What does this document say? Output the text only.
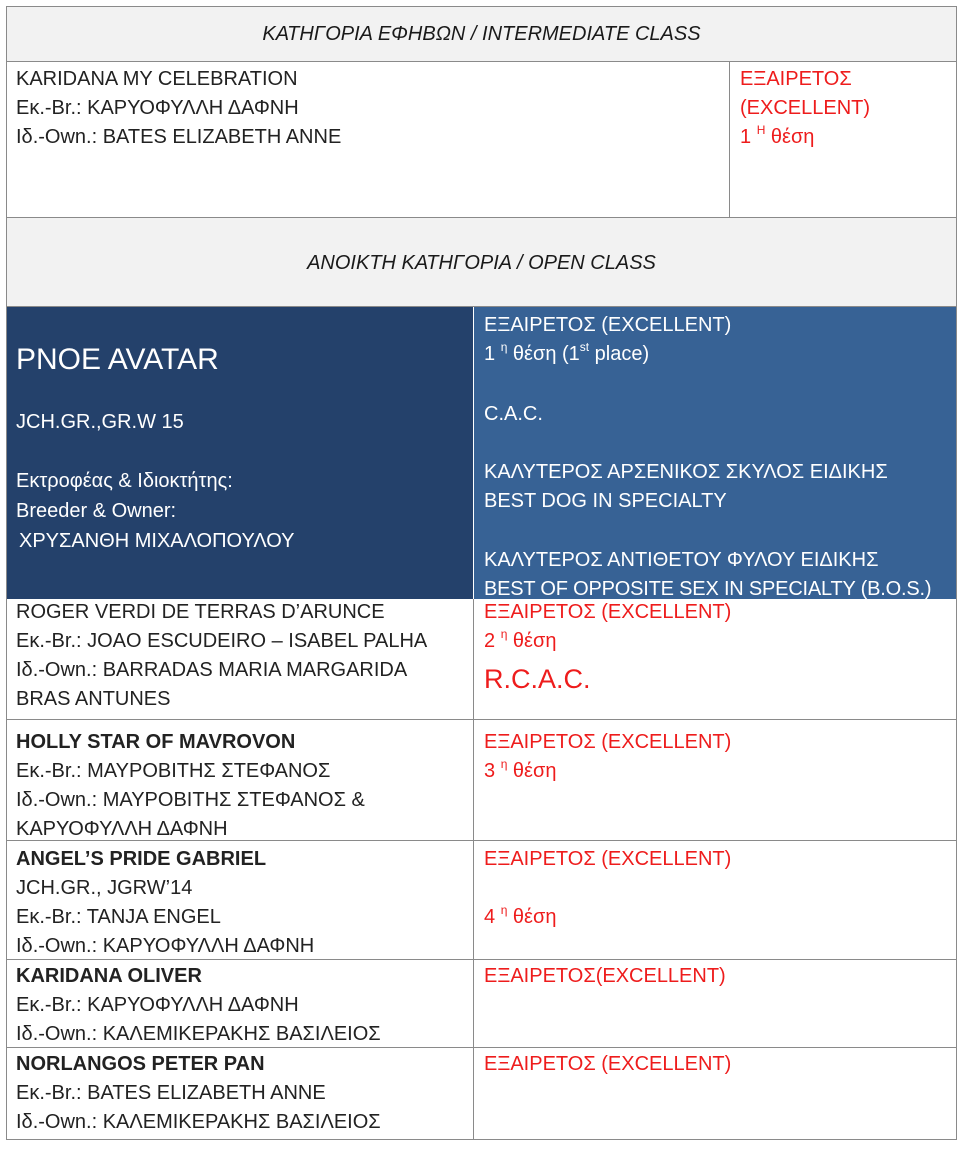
ΚΑΤΗΓΟΡΙΑ ΕΦΗΒΩΝ / INTERMEDIATE CLASS
KARIDANA MY CELEBRATION
Εκ.-Br.: ΚΑΡΥΟΦΥΛΛΗ ΔΑΦΝΗ
Ιδ.-Own.: BATES ELIZABETH ANNE
ΕΞΑΙΡΕΤΟΣ
(EXCELLENT)
1 $^H$ θέση
ΑΝΟΙΚΤΗ ΚΑΤΗΓΟΡΙΑ / OPEN CLASS
PNOE AVATAR
JCH.GR.,GR.W 15
Εκτροφέας & Ιδιοκτήτης:
Breeder & Owner:
ΧΡΥΣΑΝΘΗ ΜΙΧΑΛΟΠΟΥΛΟΥ
ΕΞΑΙΡΕΤΟΣ (EXCELLENT)
1 $^\eta$ θέση (1st place)
C.A.C.
ΚΑΛΥΤΕΡΟΣ ΑΡΣΕΝΙΚΟΣ ΣΚΥΛΟΣ ΕΙΔΙΚΗΣ
BEST DOG IN SPECIALTY
ΚΑΛΥΤΕΡΟΣ ΑΝΤΙΘΕΤΟΥ ΦΥΛΟΥ ΕΙΔΙΚΗΣ
BEST OF OPPOSITE SEX IN SPECIALTY (B.O.S.)
ROGER VERDI DE TERRAS D’ARUNCE
Εκ.-Br.: JOAO ESCUDEIRO – ISABEL PALHA
Ιδ.-Own.: BARRADAS MARIA MARGARIDA
BRAS ANTUNES
ΕΞΑΙΡΕΤΟΣ (EXCELLENT)
2 $^\eta$ θέση
R.C.A.C.
HOLLY STAR OF MAVROVON
Εκ.-Br.: ΜΑΥΡΟΒΙΤΗΣ ΣΤΕΦΑΝΟΣ
Ιδ.-Own.: ΜΑΥΡΟΒΙΤΗΣ ΣΤΕΦΑΝΟΣ &
ΚΑΡΥΟΦΥΛΛΗ ΔΑΦΝΗ
ΕΞΑΙΡΕΤΟΣ (EXCELLENT)
3 $^\eta$ θέση
ANGEL’S PRIDE GABRIEL
JCH.GR., JGRW’14
Εκ.-Br.: TANJA ENGEL
Ιδ.-Own.: ΚΑΡΥΟΦΥΛΛΗ ΔΑΦΝΗ
ΕΞΑΙΡΕΤΟΣ (EXCELLENT)
4 $^\eta$ θέση
KARIDANA OLIVER
Εκ.-Br.: ΚΑΡΥΟΦΥΛΛΗ ΔΑΦΝΗ
Ιδ.-Own.: ΚΑΛΕΜΙΚΕΡΑΚΗΣ ΒΑΣΙΛΕΙΟΣ
ΕΞΑΙΡΕΤΟΣ(EXCELLENT)
NORLANGOS PETER PAN
Εκ.-Br.: BATES ELIZABETH ANNE
Ιδ.-Own.: ΚΑΛΕΜΙΚΕΡΑΚΗΣ ΒΑΣΙΛΕΙΟΣ
ΕΞΑΙΡΕΤΟΣ (EXCELLENT)
